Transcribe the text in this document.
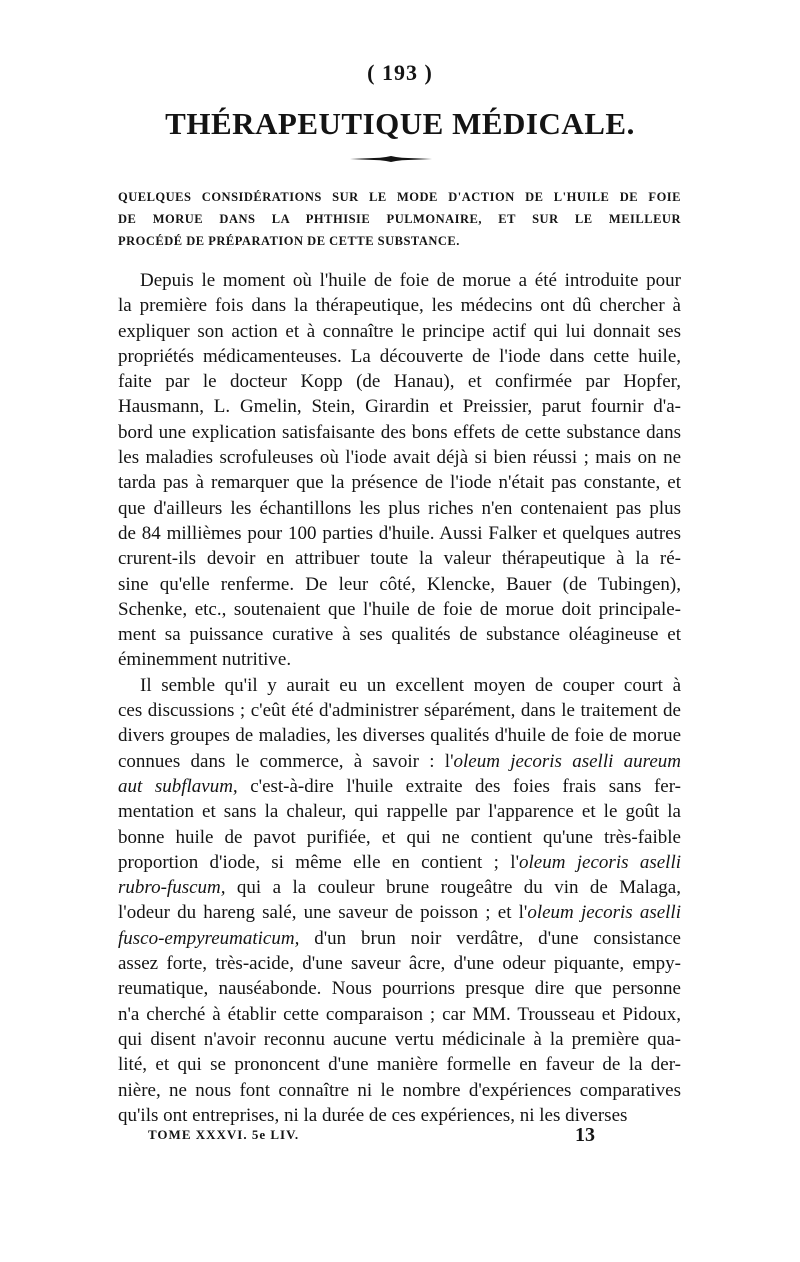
( 193 )
THÉRAPEUTIQUE MÉDICALE.
QUELQUES CONSIDÉRATIONS SUR LE MODE D'ACTION DE L'HUILE DE FOIE
DE MORUE DANS LA PHTHISIE PULMONAIRE, ET SUR LE MEILLEUR
PROCÉDÉ DE PRÉPARATION DE CETTE SUBSTANCE.
Depuis le moment où l'huile de foie de morue a été introduite pour
la première fois dans la thérapeutique, les médecins ont dû chercher à
expliquer son action et à connaître le principe actif qui lui donnait ses
propriétés médicamenteuses. La découverte de l'iode dans cette huile,
faite par le docteur Kopp (de Hanau), et confirmée par Hopfer,
Hausmann, L. Gmelin, Stein, Girardin et Preissier, parut fournir d'a-
bord une explication satisfaisante des bons effets de cette substance dans
les maladies scrofuleuses où l'iode avait déjà si bien réussi ; mais on ne
tarda pas à remarquer que la présence de l'iode n'était pas constante, et
que d'ailleurs les échantillons les plus riches n'en contenaient pas plus
de 84 millièmes pour 100 parties d'huile. Aussi Falker et quelques autres
crurent-ils devoir en attribuer toute la valeur thérapeutique à la ré-
sine qu'elle renferme. De leur côté, Klencke, Bauer (de Tubingen),
Schenke, etc., soutenaient que l'huile de foie de morue doit principale-
ment sa puissance curative à ses qualités de substance oléagineuse et
éminemment nutritive.
Il semble qu'il y aurait eu un excellent moyen de couper court à
ces discussions ; c'eût été d'administrer séparément, dans le traitement de
divers groupes de maladies, les diverses qualités d'huile de foie de morue
connues dans le commerce, à savoir : l'oleum jecoris aselli aureum
aut subflavum, c'est-à-dire l'huile extraite des foies frais sans fer-
mentation et sans la chaleur, qui rappelle par l'apparence et le goût la
bonne huile de pavot purifiée, et qui ne contient qu'une très-faible
proportion d'iode, si même elle en contient ; l'oleum jecoris aselli
rubro-fuscum, qui a la couleur brune rougeâtre du vin de Malaga,
l'odeur du hareng salé, une saveur de poisson ; et l'oleum jecoris aselli
fusco-empyreumaticum, d'un brun noir verdâtre, d'une consistance
assez forte, très-acide, d'une saveur âcre, d'une odeur piquante, empy-
reumatique, nauséabonde. Nous pourrions presque dire que personne
n'a cherché à établir cette comparaison ; car MM. Trousseau et Pidoux,
qui disent n'avoir reconnu aucune vertu médicinale à la première qua-
lité, et qui se prononcent d'une manière formelle en faveur de la der-
nière, ne nous font connaître ni le nombre d'expériences comparatives
qu'ils ont entreprises, ni la durée de ces expériences, ni les diverses
TOME XXXVI. 5e LIV.	13
